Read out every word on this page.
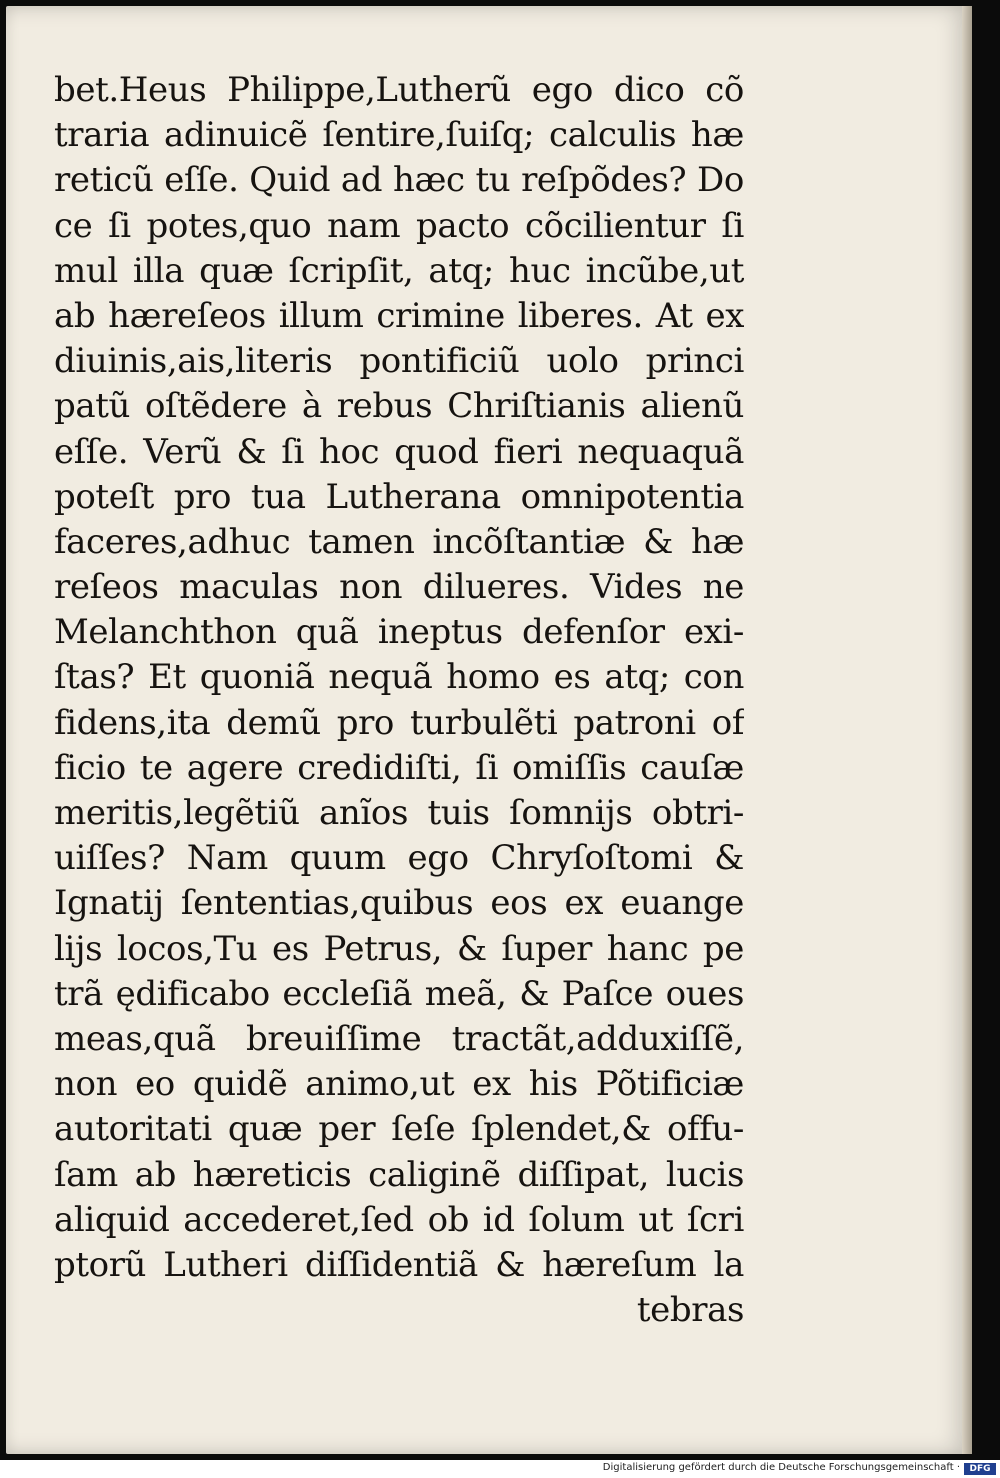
bet.Heus Philippe,Lutherũ ego dico cõ
traria adinuicẽ ſentire,ſuiſq; calculis hæ
reticũ eſſe. Quid ad hæc tu reſpõdes? Do
ce ſi potes,quo nam pacto cõcilientur ſi
mul illa quæ ſcripſit, atq; huc incũbe,ut
ab hæreſeos illum crimine liberes. At ex
diuinis,ais,literis pontificiũ uolo princi
patũ oſtẽdere à rebus Chriſtianis alienũ
eſſe. Verũ & ſi hoc quod fieri nequaquã
poteſt pro tua Lutherana omnipotentia
faceres,adhuc tamen incõſtantiæ & hæ
reſeos maculas non dilueres. Vides ne
Melanchthon quã ineptus defenſor exi-
ſtas? Et quoniã nequã homo es atq; con
fidens,ita demũ pro turbulẽti patroni of
ficio te agere credidiſti, ſi omiſſis cauſæ
meritis,legẽtiũ anĩos tuis ſomnijs obtri-
uiſſes? Nam quum ego Chryſoſtomi &
Ignatij ſententias,quibus eos ex euange
lijs locos,Tu es Petrus, & ſuper hanc pe
trã ędificabo eccleſiã meã, & Paſce oues
meas,quã breuiſſime tractãt,adduxiſſẽ,
non eo quidẽ animo,ut ex his Põtificiæ
autoritati quæ per ſeſe ſplendet,& offu-
ſam ab hæreticis caliginẽ diſſipat, lucis
aliquid accederet,ſed ob id ſolum ut ſcri
ptorũ Lutheri diſſidentiã & hæreſum la
tebras
Digitalisierung gefördert durch die Deutsche Forschungsgemeinschaft ·	DFG
